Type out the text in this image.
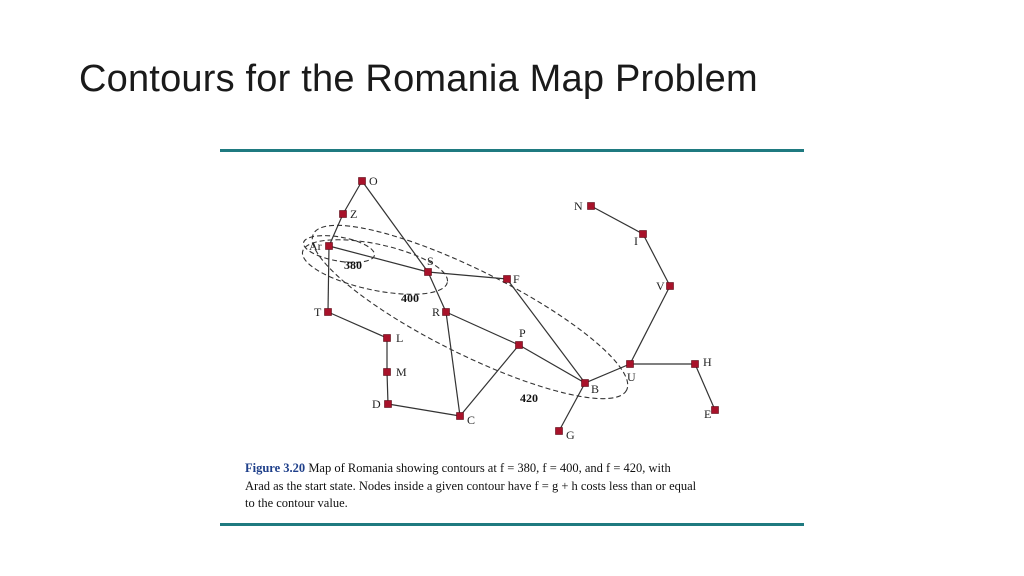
Contours for the Romania Map Problem
O
Z
Ar
S
F
T	R
L	P
M
D
C
B
G
U
H
E
V
I
N
380
400
420
Figure 3.20 Map of Romania showing contours at f = 380, f = 400, and f = 420, with
Arad as the start state. Nodes inside a given contour have f = g + h costs less than or equal
to the contour value.
